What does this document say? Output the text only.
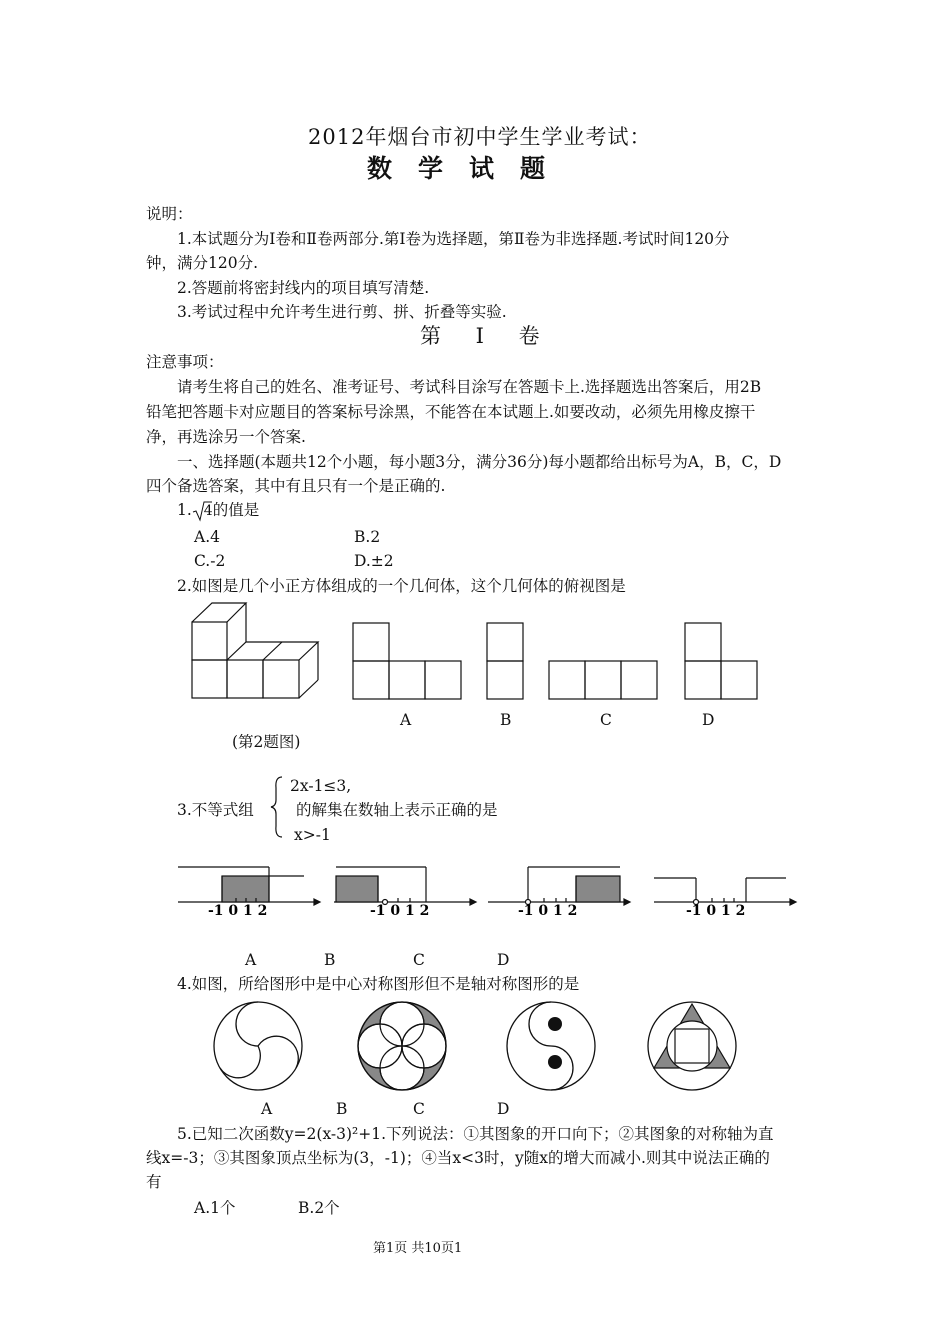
2012年烟台市初中学生学业考试：
数学试题
说明：
1.本试题分为Ⅰ卷和Ⅱ卷两部分.第Ⅰ卷为选择题，第Ⅱ卷为非选择题.考试时间120分
钟，满分120分.
2.答题前将密封线内的项目填写清楚.
3.考试过程中允许考生进行剪、拼、折叠等实验.
第 Ⅰ 卷
注意事项：
请考生将自己的姓名、准考证号、考试科目涂写在答题卡上.选择题选出答案后，用2B
铅笔把答题卡对应题目的答案标号涂黑，不能答在本试题上.如要改动，必须先用橡皮擦干
净，再选涂另一个答案.
一、选择题(本题共12个小题，每小题3分，满分36分)每小题都给出标号为A，B，C，D
四个备选答案，其中有且只有一个是正确的.
1. 4的值是
A.4	B.2
C.-2	D.±2
2.如图是几个小正方体组成的一个几何体，这个几何体的俯视图是
A	B	C	D
(第2题图)
3.不等式组
2x-1≤3,
的解集在数轴上表示正确的是
x>-1
-1 0 1 2	-1 0 1 2	-1 0 1 2	-1 0 1 2
A	B	C	D
4.如图，所给图形中是中心对称图形但不是轴对称图形的是
A	B	C	D
5.已知二次函数y=2(x-3)²+1.下列说法：①其图象的开口向下；②其图象的对称轴为直
线x=-3；③其图象顶点坐标为(3，-1)；④当x<3时，y随x的增大而减小.则其中说法正确的
有
A.1个	B.2个
第1页 共10页1
